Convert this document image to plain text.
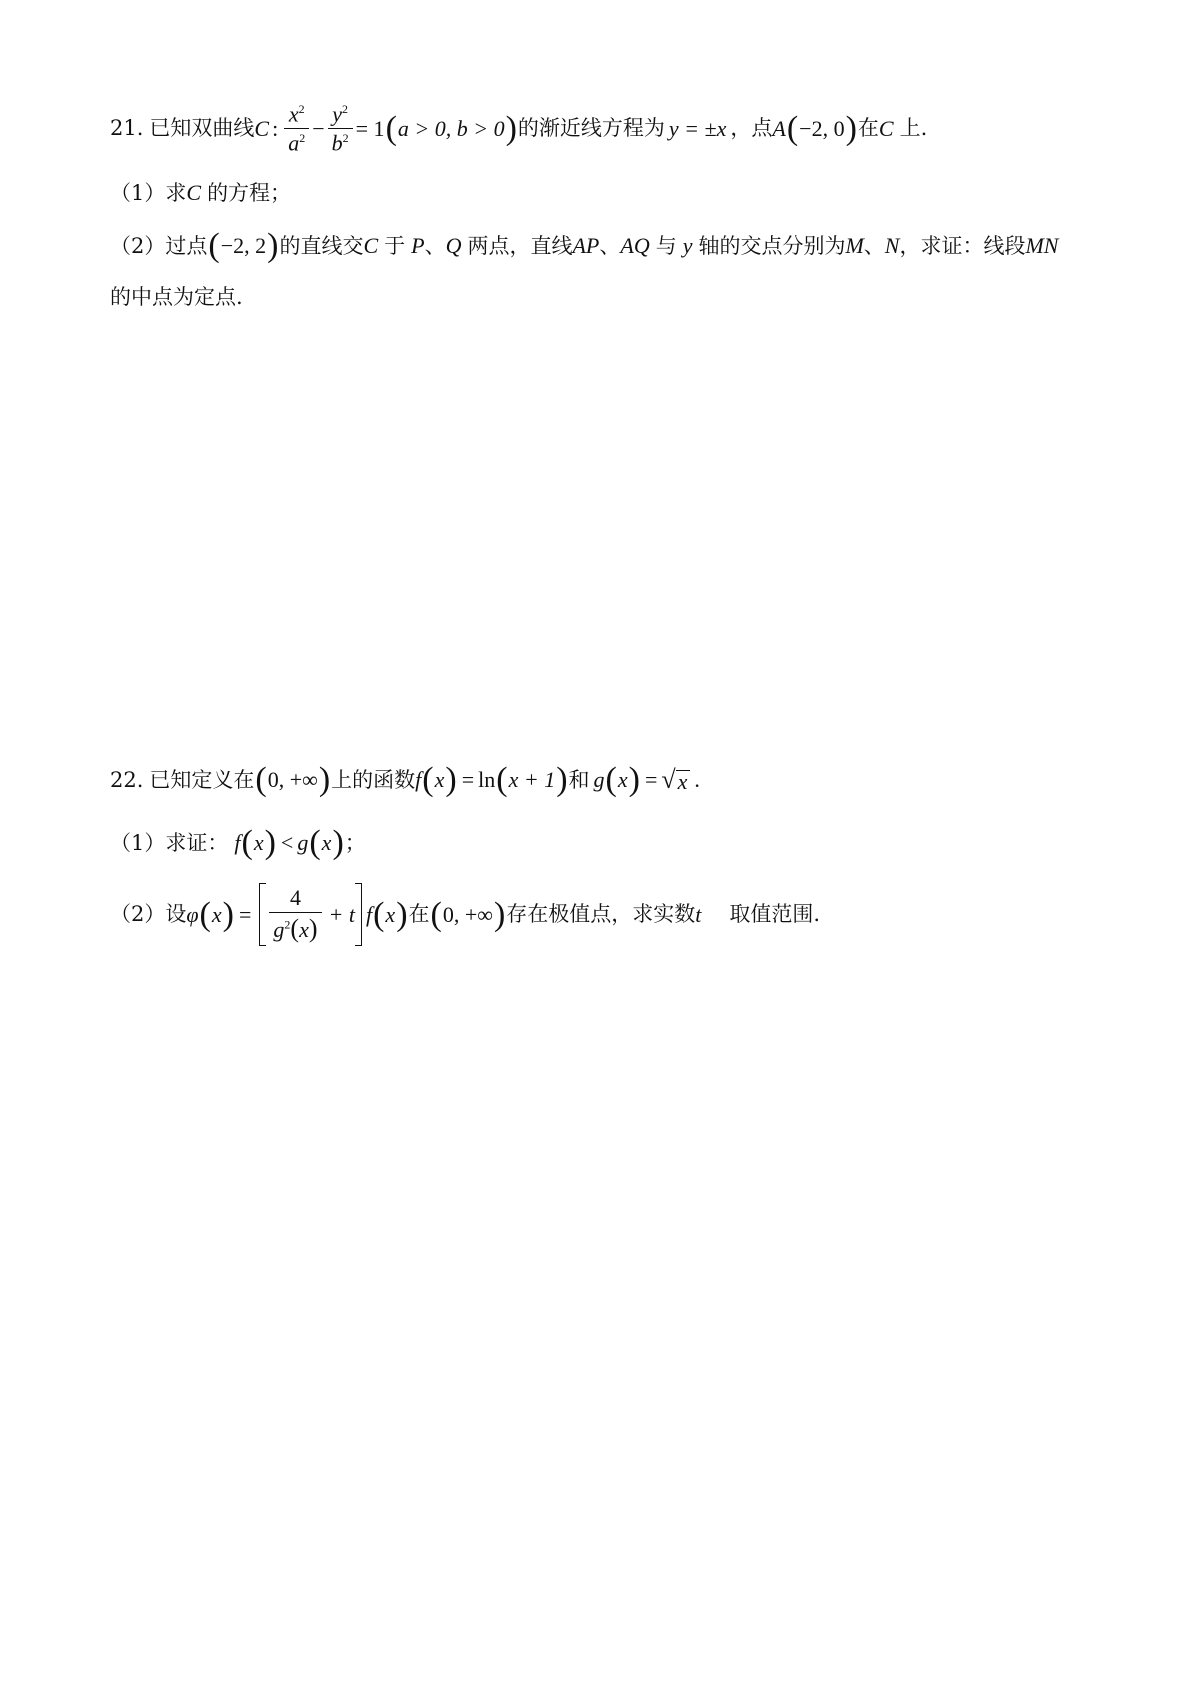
21. 已知双曲线 C : $\frac{x^2}{a^2} - \frac{y^2}{b^2} = 1$ ( a > 0, b > 0 ) 的渐近线方程为 y = ±x ，点 A ( −2, 0 ) 在 C 上.
（1）求 C 的方程；
（2）过点 ( −2, 2 ) 的直线交 C 于 P 、 Q 两点，直线 AP 、 AQ 与 y 轴的交点分别为 M 、 N ，求证：线段 MN
的中点为定点.
22. 已知定义在 ( 0, +∞ ) 上的函数 f ( x ) = ln ( x + 1 ) 和 g ( x ) = √ x .
（1）求证： f ( x ) < g ( x ) ；
（2）设 φ ( x ) = $\frac{4}{g^2(x)} + t$ f ( x ) 在 ( 0, +∞ ) 存在极值点，求实数 t 取值范围.
